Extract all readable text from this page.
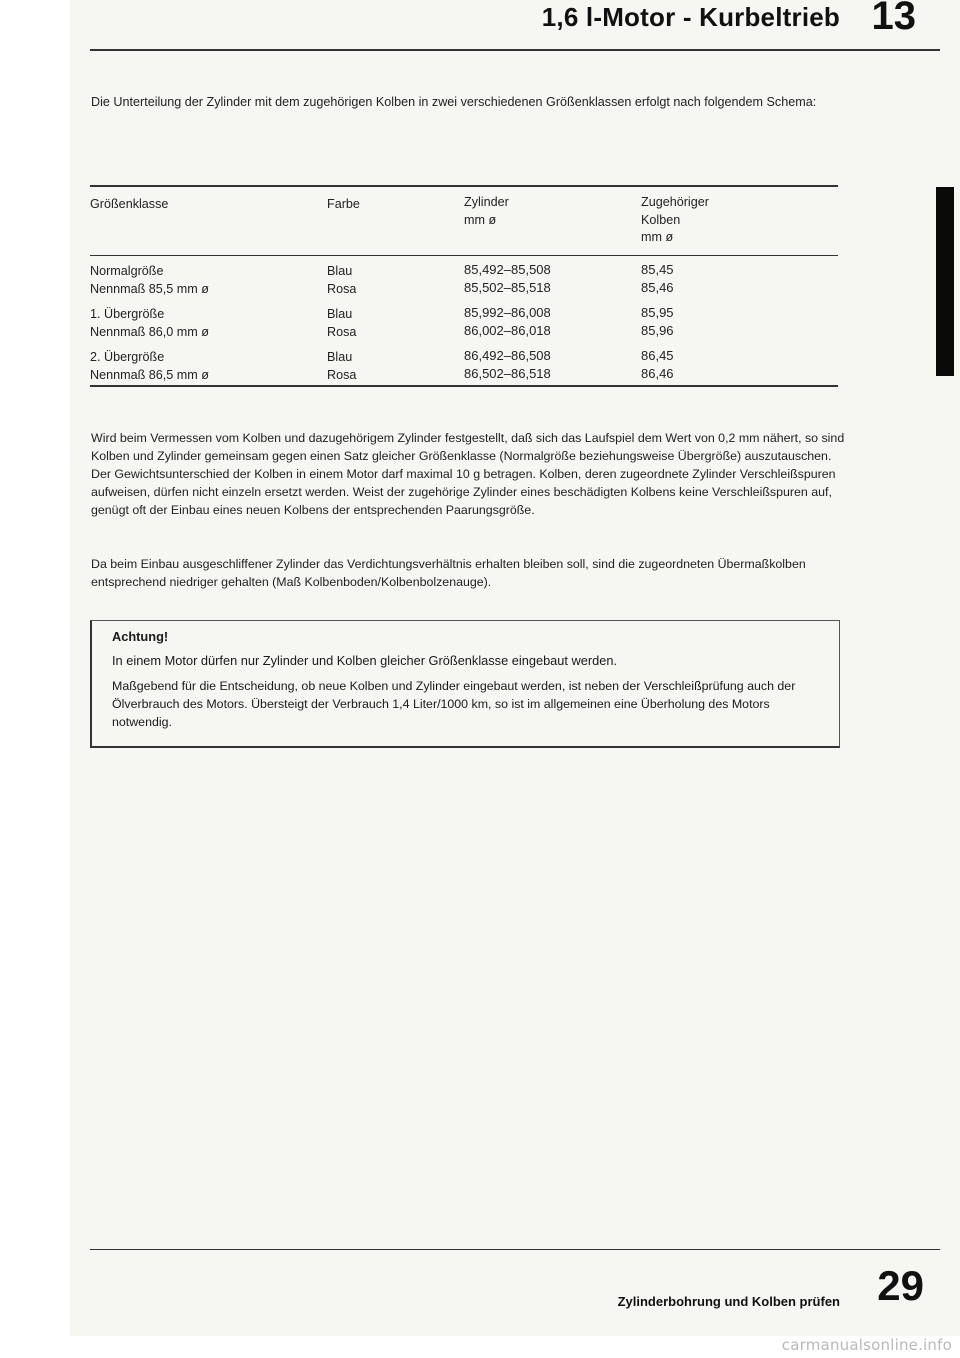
1,6 l-Motor - Kurbeltrieb 13
Die Unterteilung der Zylinder mit dem zugehörigen Kolben in zwei verschiedenen Größenklassen erfolgt nach folgendem Schema:
Größenklasse	Farbe	Zylinder
mm ø
Zugehöriger
Kolben
mm ø
Normalgröße
Nennmaß 85,5 mm ø
Blau
Rosa
85,492–85,508
85,502–85,518
85,45
85,46
1. Übergröße
Nennmaß 86,0 mm ø
Blau
Rosa
85,992–86,008
86,002–86,018
85,95
85,96
2. Übergröße
Nennmaß 86,5 mm ø
Blau
Rosa
86,492–86,508
86,502–86,518
86,45
86,46
Wird beim Vermessen vom Kolben und dazugehörigem Zylinder festgestellt, daß sich das Laufspiel dem Wert von 0,2 mm nähert, so sind Kolben und Zylinder gemeinsam gegen einen Satz gleicher Größenklasse (Normalgröße beziehungsweise Übergröße) auszutauschen. Der Gewichtsunterschied der Kolben in einem Motor darf maximal 10 g betragen. Kolben, deren zugeordnete Zylinder Verschleißspuren aufweisen, dürfen nicht einzeln ersetzt werden. Weist der zugehörige Zylinder eines beschädigten Kolbens keine Verschleißspuren auf, genügt oft der Einbau eines neuen Kolbens der entsprechenden Paarungsgröße.
Da beim Einbau ausgeschliffener Zylinder das Verdichtungsverhältnis erhalten bleiben soll, sind die zugeordneten Übermaßkolben entsprechend niedriger gehalten (Maß Kolbenboden/Kolbenbolzenauge).
Achtung!
In einem Motor dürfen nur Zylinder und Kolben gleicher Größenklasse eingebaut werden.
Maßgebend für die Entscheidung, ob neue Kolben und Zylinder eingebaut werden, ist neben der Verschleißprüfung auch der Ölverbrauch des Motors. Übersteigt der Verbrauch 1,4 Liter/1000 km, so ist im allgemeinen eine Überholung des Motors notwendig.
Zylinderbohrung und Kolben prüfen 29
carmanualsonline.info
